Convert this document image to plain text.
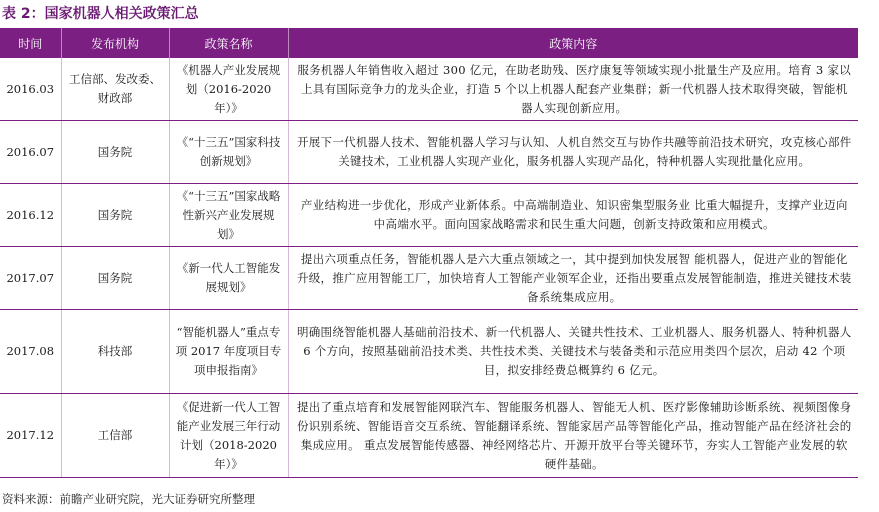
表 2：国家机器人相关政策汇总
时间	发布机构	政策名称	政策内容
2016.03	工信部、发改委、财政部	《机器人产业发展规划（2016-2020 年）》	服务机器人年销售收入超过 300 亿元，在助老助残、医疗康复等领域实现小批量生产及应用。培育 3 家以上具有国际竞争力的龙头企业，打造 5 个以上机器人配套产业集群；新一代机器人技术取得突破，智能机器人实现创新应用。
2016.07	国务院	《“十三五”国家科技创新规划》	开展下一代机器人技术、智能机器人学习与认知、人机自然交互与协作共融等前沿技术研究，攻克核心部件关键技术，工业机器人实现产业化，服务机器人实现产品化，特种机器人实现批量化应用。
2016.12	国务院	《“十三五”国家战略性新兴产业发展规划》	产业结构进一步优化，形成产业新体系。中高端制造业、知识密集型服务业 比重大幅提升，支撑产业迈向中高端水平。面向国家战略需求和民生重大问题，创新支持政策和应用模式。
2017.07	国务院	《新一代人工智能发展规划》	提出六项重点任务，智能机器人是六大重点领域之一，其中提到加快发展智 能机器人，促进产业的智能化升级，推广应用智能工厂，加快培育人工智能产业领军企业，还指出要重点发展智能制造，推进关键技术装备系统集成应用。
2017.08	科技部	“智能机器人”重点专项 2017 年度项目专项申报指南》	明确围绕智能机器人基础前沿技术、新一代机器人、关键共性技术、工业机器人、服务机器人、特种机器人 6 个方向，按照基础前沿技术类、共性技术类、关键技术与装备类和示范应用类四个层次，启动 42 个项目，拟安排经费总概算约 6 亿元。
2017.12	工信部	《促进新一代人工智能产业发展三年行动计划（2018-2020 年）》	提出了重点培育和发展智能网联汽车、智能服务机器人、智能无人机、医疗影像辅助诊断系统、视频图像身份识别系统、智能语音交互系统、智能翻译系统、智能家居产品等智能化产品，推动智能产品在经济社会的集成应用。 重点发展智能传感器、神经网络芯片、开源开放平台等关键环节，夯实人工智能产业发展的软硬件基础。
资料来源：前瞻产业研究院，光大证券研究所整理
